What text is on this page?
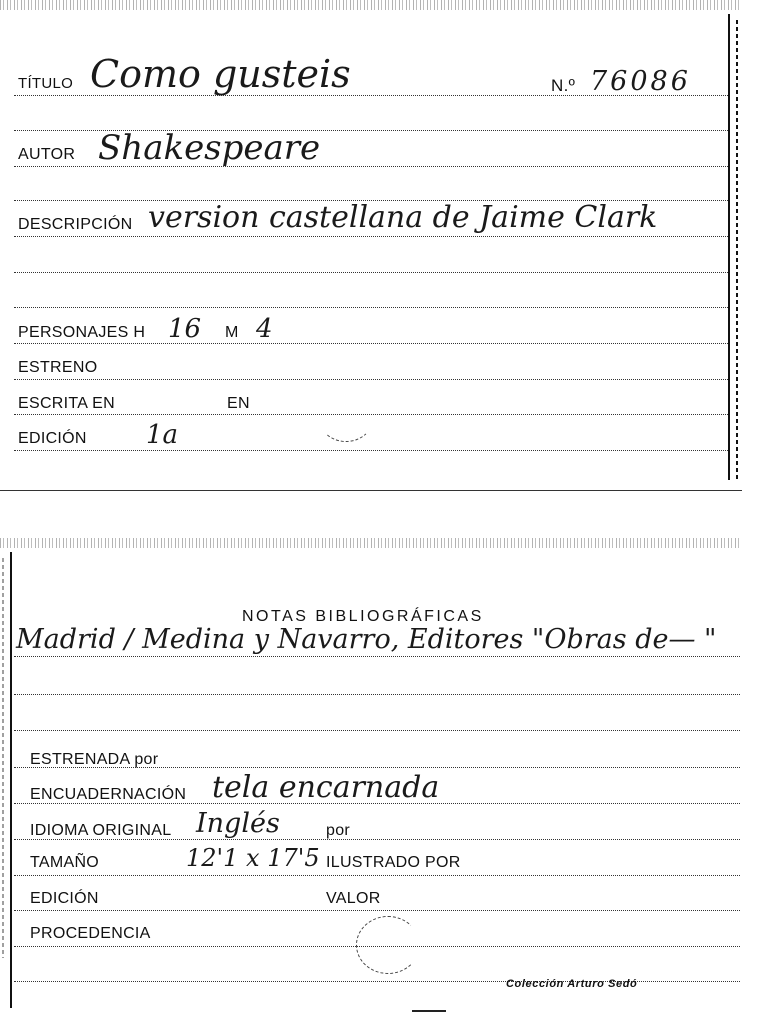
TÍTULO Como gusteis	N.º 76086
AUTOR Shakespeare
DESCRIPCIÓN version castellana de Jaime Clark
PERSONAJES H 16 M 4
ESTRENO
ESCRITA EN	EN
EDICIÓN 1a
NOTAS BIBLIOGRÁFICAS
Madrid / Medina y Navarro, Editores "Obras de— "
ESTRENADA por
ENCUADERNACIÓN tela encarnada
IDIOMA ORIGINAL Inglés	por
TAMAÑO	12'1 x 17'5 ILUSTRADO POR
EDICIÓN	VALOR
PROCEDENCIA
Colección Arturo Sedó
